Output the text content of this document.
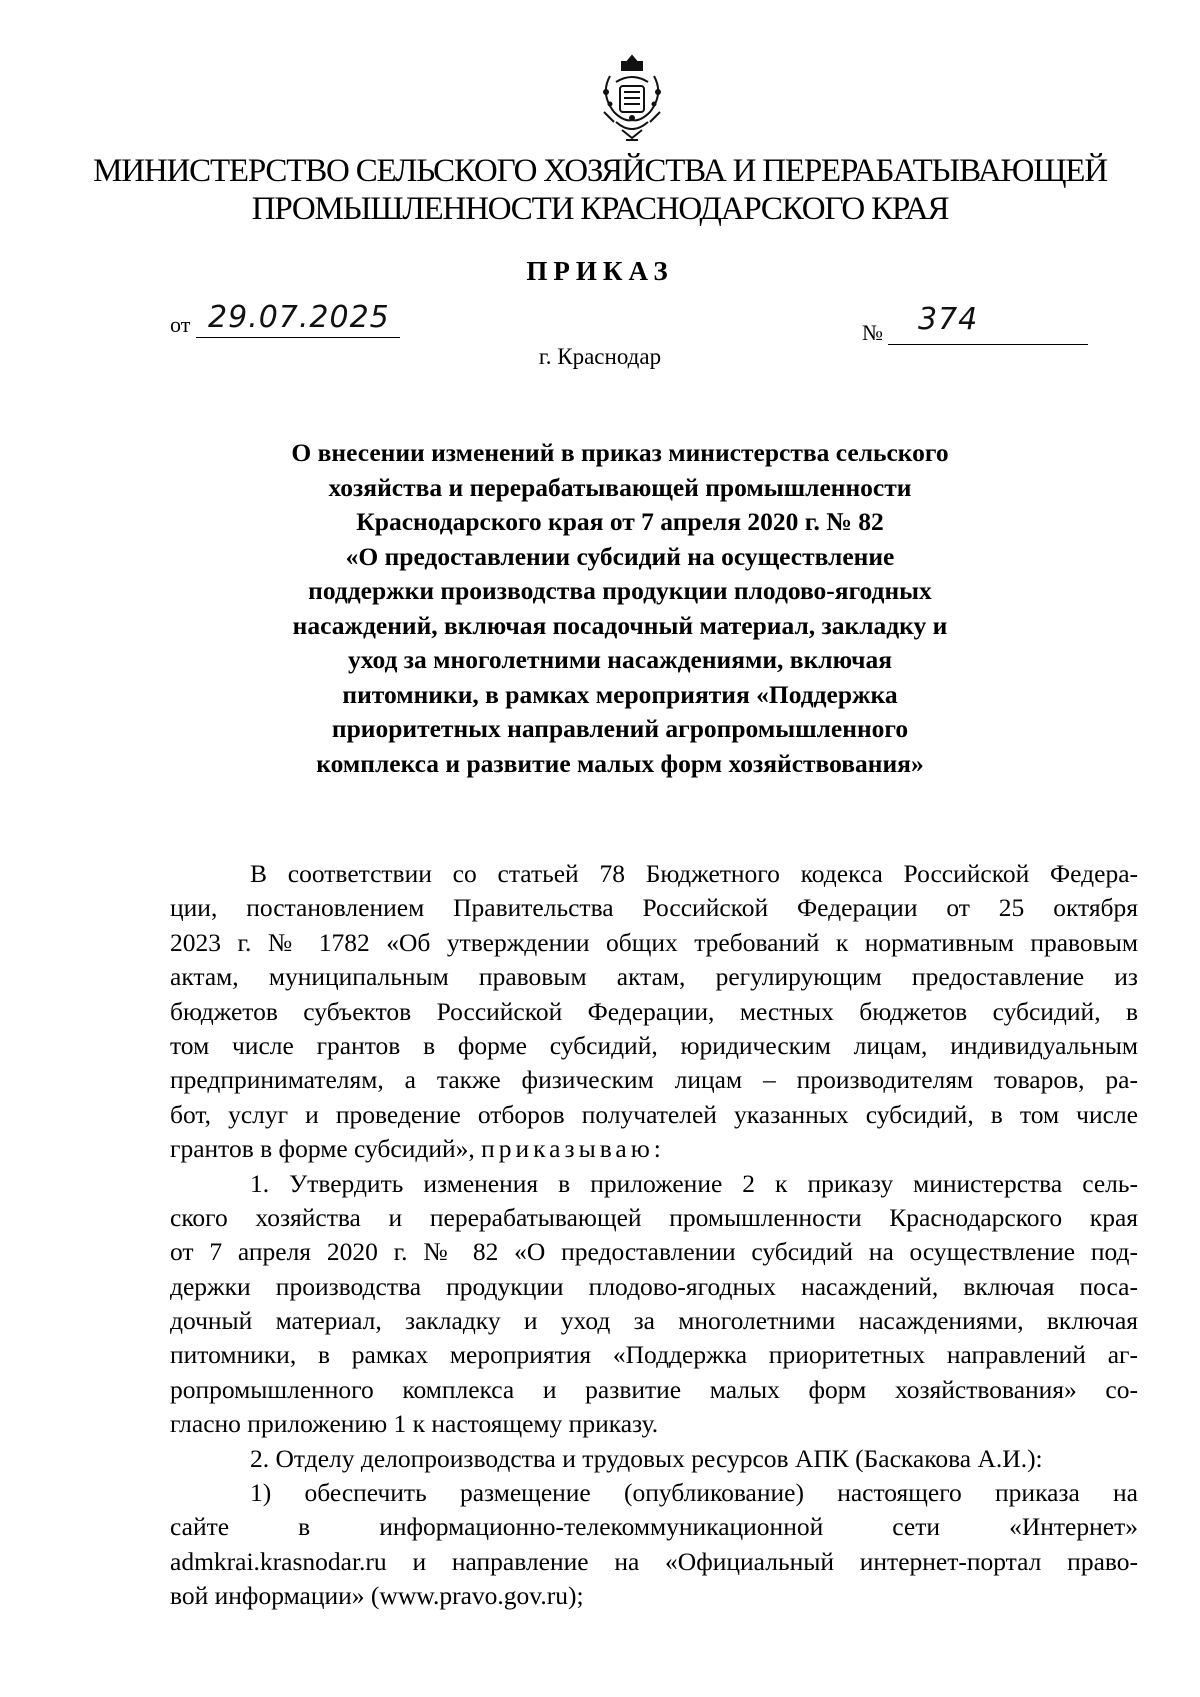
МИНИСТЕРСТВО СЕЛЬСКОГО ХОЗЯЙСТВА И ПЕРЕРАБАТЫВАЮЩЕЙ
ПРОМЫШЛЕННОСТИ КРАСНОДАРСКОГО КРАЯ
ПРИКАЗ
от 29.07.2025	№ 374
г. Краснодар
О внесении изменений в приказ министерства сельского
хозяйства и перерабатывающей промышленности
Краснодарского края от 7 апреля 2020 г. № 82
«О предоставлении субсидий на осуществление
поддержки производства продукции плодово-ягодных
насаждений, включая посадочный материал, закладку и
уход за многолетними насаждениями, включая
питомники, в рамках мероприятия «Поддержка
приоритетных направлений агропромышленного
комплекса и развитие малых форм хозяйствования»
В соответствии со статьей 78 Бюджетного кодекса Российской Федера-
ции, постановлением Правительства Российской Федерации от 25 октября
2023 г. № 1782 «Об утверждении общих требований к нормативным правовым
актам, муниципальным правовым актам, регулирующим предоставление из
бюджетов субъектов Российской Федерации, местных бюджетов субсидий, в
том числе грантов в форме субсидий, юридическим лицам, индивидуальным
предпринимателям, а также физическим лицам – производителям товаров, ра-
бот, услуг и проведение отборов получателей указанных субсидий, в том числе
грантов в форме субсидий», приказываю:
1. Утвердить изменения в приложение 2 к приказу министерства сель-
ского хозяйства и перерабатывающей промышленности Краснодарского края
от 7 апреля 2020 г. № 82 «О предоставлении субсидий на осуществление под-
держки производства продукции плодово-ягодных насаждений, включая поса-
дочный материал, закладку и уход за многолетними насаждениями, включая
питомники, в рамках мероприятия «Поддержка приоритетных направлений аг-
ропромышленного комплекса и развитие малых форм хозяйствования» со-
гласно приложению 1 к настоящему приказу.
2. Отделу делопроизводства и трудовых ресурсов АПК (Баскакова А.И.):
1) обеспечить размещение (опубликование) настоящего приказа на
сайте в информационно-телекоммуникационной сети «Интернет»
admkrai.krasnodar.ru и направление на «Официальный интернет-портал право-
вой информации» (www.pravo.gov.ru);
